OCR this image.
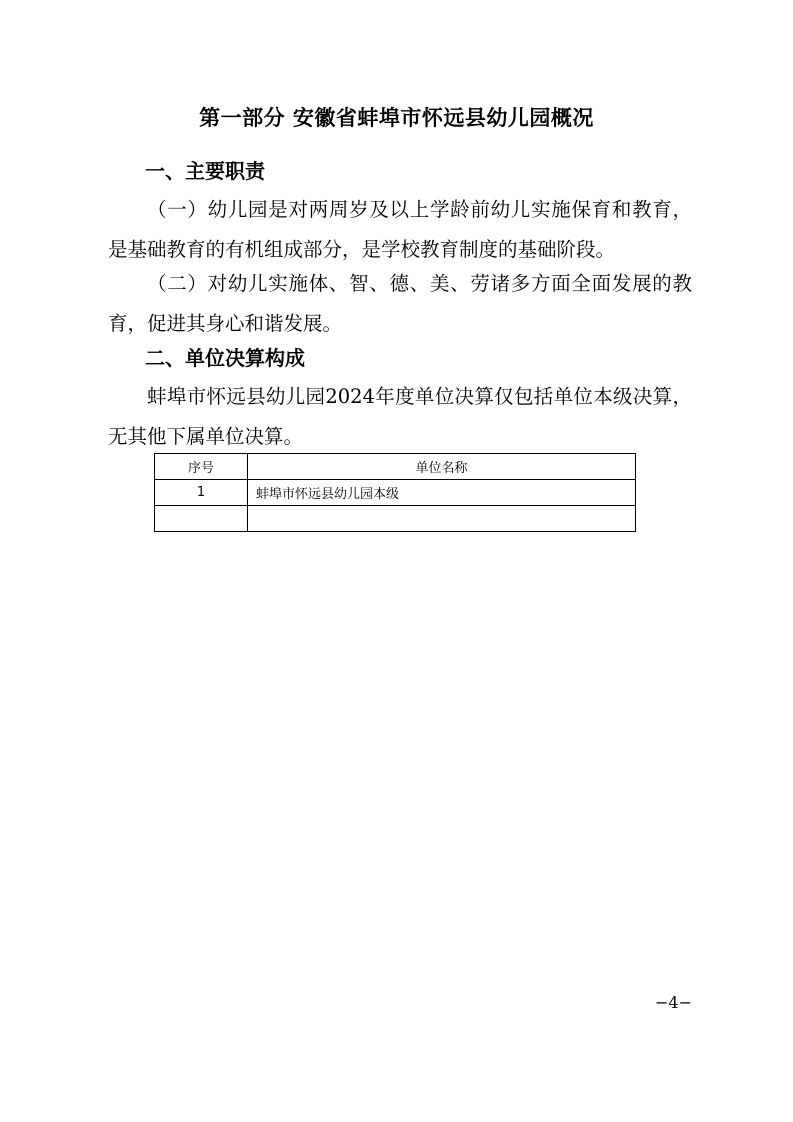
第一部分 安徽省蚌埠市怀远县幼儿园概况
一、主要职责
（一）幼儿园是对两周岁及以上学龄前幼儿实施保育和教育，是基础教育的有机组成部分，是学校教育制度的基础阶段。
（二）对幼儿实施体、智、德、美、劳诸多方面全面发展的教育，促进其身心和谐发展。
二、单位决算构成
蚌埠市怀远县幼儿园2024年度单位决算仅包括单位本级决算，无其他下属单位决算。
序号	单位名称
1	蚌埠市怀远县幼儿园本级

−4−
